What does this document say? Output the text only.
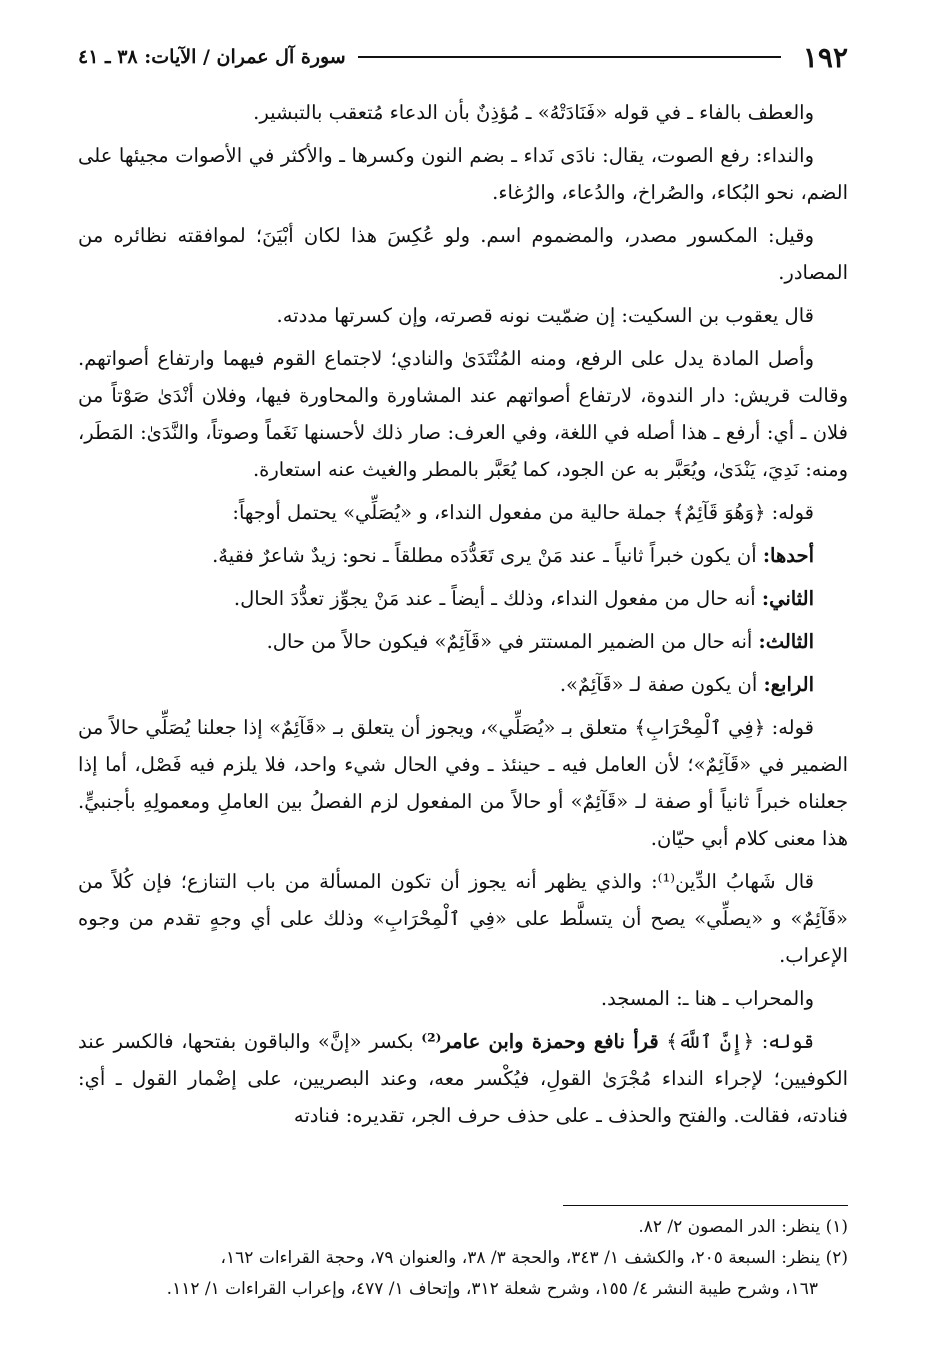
١٩٢
سورة آل عمران / الآيات: ٣٨ ـ ٤١

والعطف بالفاء ـ في قوله «فَنَادَتْهُ» ـ مُؤذِنٌ بأن الدعاء مُتعقب بالتبشير.

والنداء: رفع الصوت، يقال: نادَى نَداء ـ بضم النون وكسرها ـ والأكثر في الأصوات مجيئها على الضم، نحو البُكاء، والصُراخ، والدُعاء، والرُغاء.

وقيل: المكسور مصدر، والمضموم اسم. ولو عُكِسَ هذا لكان أبْيَنَ؛ لموافقته نظائره من المصادر.

قال يعقوب بن السكيت: إن ضمّيت نونه قصرته، وإن كسرتها مددته.

وأصل المادة يدل على الرفع، ومنه المُنْتَدَىٰ والنادي؛ لاجتماع القوم فيهما وارتفاع أصواتهم. وقالت قريش: دار الندوة، لارتفاع أصواتهم عند المشاورة والمحاورة فيها، وفلان أنْدَىٰ صَوْتاً من فلان ـ أي: أرفع ـ هذا أصله في اللغة، وفي العرف: صار ذلك لأحسنها نَغَماً وصوتاً، والنَّدَىٰ: المَطَر، ومنه: نَدِيَ، يَنْدَىٰ، ويُعَبَّر به عن الجود، كما يُعَبَّر بالمطر والغيث عنه استعارة.

قوله: ﴿وَهُوَ قَآئِمٌ﴾ جملة حالية من مفعول النداء، و «يُصَلِّي» يحتمل أوجهاً:

أحدها: أن يكون خبراً ثانياً ـ عند مَنْ يرى تَعَدُّدَه مطلقاً ـ نحو: زيدٌ شاعرٌ فقيهٌ.

الثاني: أنه حال من مفعول النداء، وذلك ـ أيضاً ـ عند مَنْ يجوِّز تعدُّدَ الحال.

الثالث: أنه حال من الضمير المستتر في «قَآئِمٌ» فيكون حالاً من حال.

الرابع: أن يكون صفة لـ «قَآئِمٌ».

قوله: ﴿فِي ٱلْمِحْرَابِ﴾ متعلق بـ «يُصَلِّي»، ويجوز أن يتعلق بـ «قَآئِمٌ» إذا جعلنا يُصَلِّي حالاً من الضمير في «قَآئِمٌ»؛ لأن العامل فيه ـ حينئذ ـ وفي الحال شيء واحد، فلا يلزم فيه فَصْل، أما إذا جعلناه خبراً ثانياً أو صفة لـ «قَآئِمٌ» أو حالاً من المفعول لزم الفصلُ بين العاملِ ومعمولِهِ بأجنبيٍّ. هذا معنى كلام أبي حيّان.

قال شَهابُ الدِّين⁽¹⁾: والذي يظهر أنه يجوز أن تكون المسألة من باب التنازع؛ فإن كُلاً من «قَآئِمٌ» و «يصلِّي» يصح أن يتسلَّط على «فِي ٱلْمِحْرَابِ» وذلك على أي وجهٍ تقدم من وجوه الإعراب.

والمحراب ـ هنا ـ: المسجد.

قوله: ﴿إِنَّ ٱللَّهَ﴾ قرأ نافع وحمزة وابن عامر⁽²⁾ بكسر «إنَّ» والباقون بفتحها، فالكسر عند الكوفيين؛ لإجراء النداء مُجْرَىٰ القولِ، فيُكْسر معه، وعند البصريين، على إضْمار القول ـ أي: فنادته، فقالت. والفتح والحذف ـ على حذف حرف الجر، تقديره: فنادته

(١) ينظر: الدر المصون ٢/ ٨٢.
(٢) ينظر: السبعة ٢٠٥، والكشف ١/ ٣٤٣، والحجة ٣/ ٣٨، والعنوان ٧٩، وحجة القراءات ١٦٢،
١٦٣، وشرح طيبة النشر ٤/ ١٥٥، وشرح شعلة ٣١٢، وإتحاف ١/ ٤٧٧، وإعراب القراءات ١/ ١١٢.
